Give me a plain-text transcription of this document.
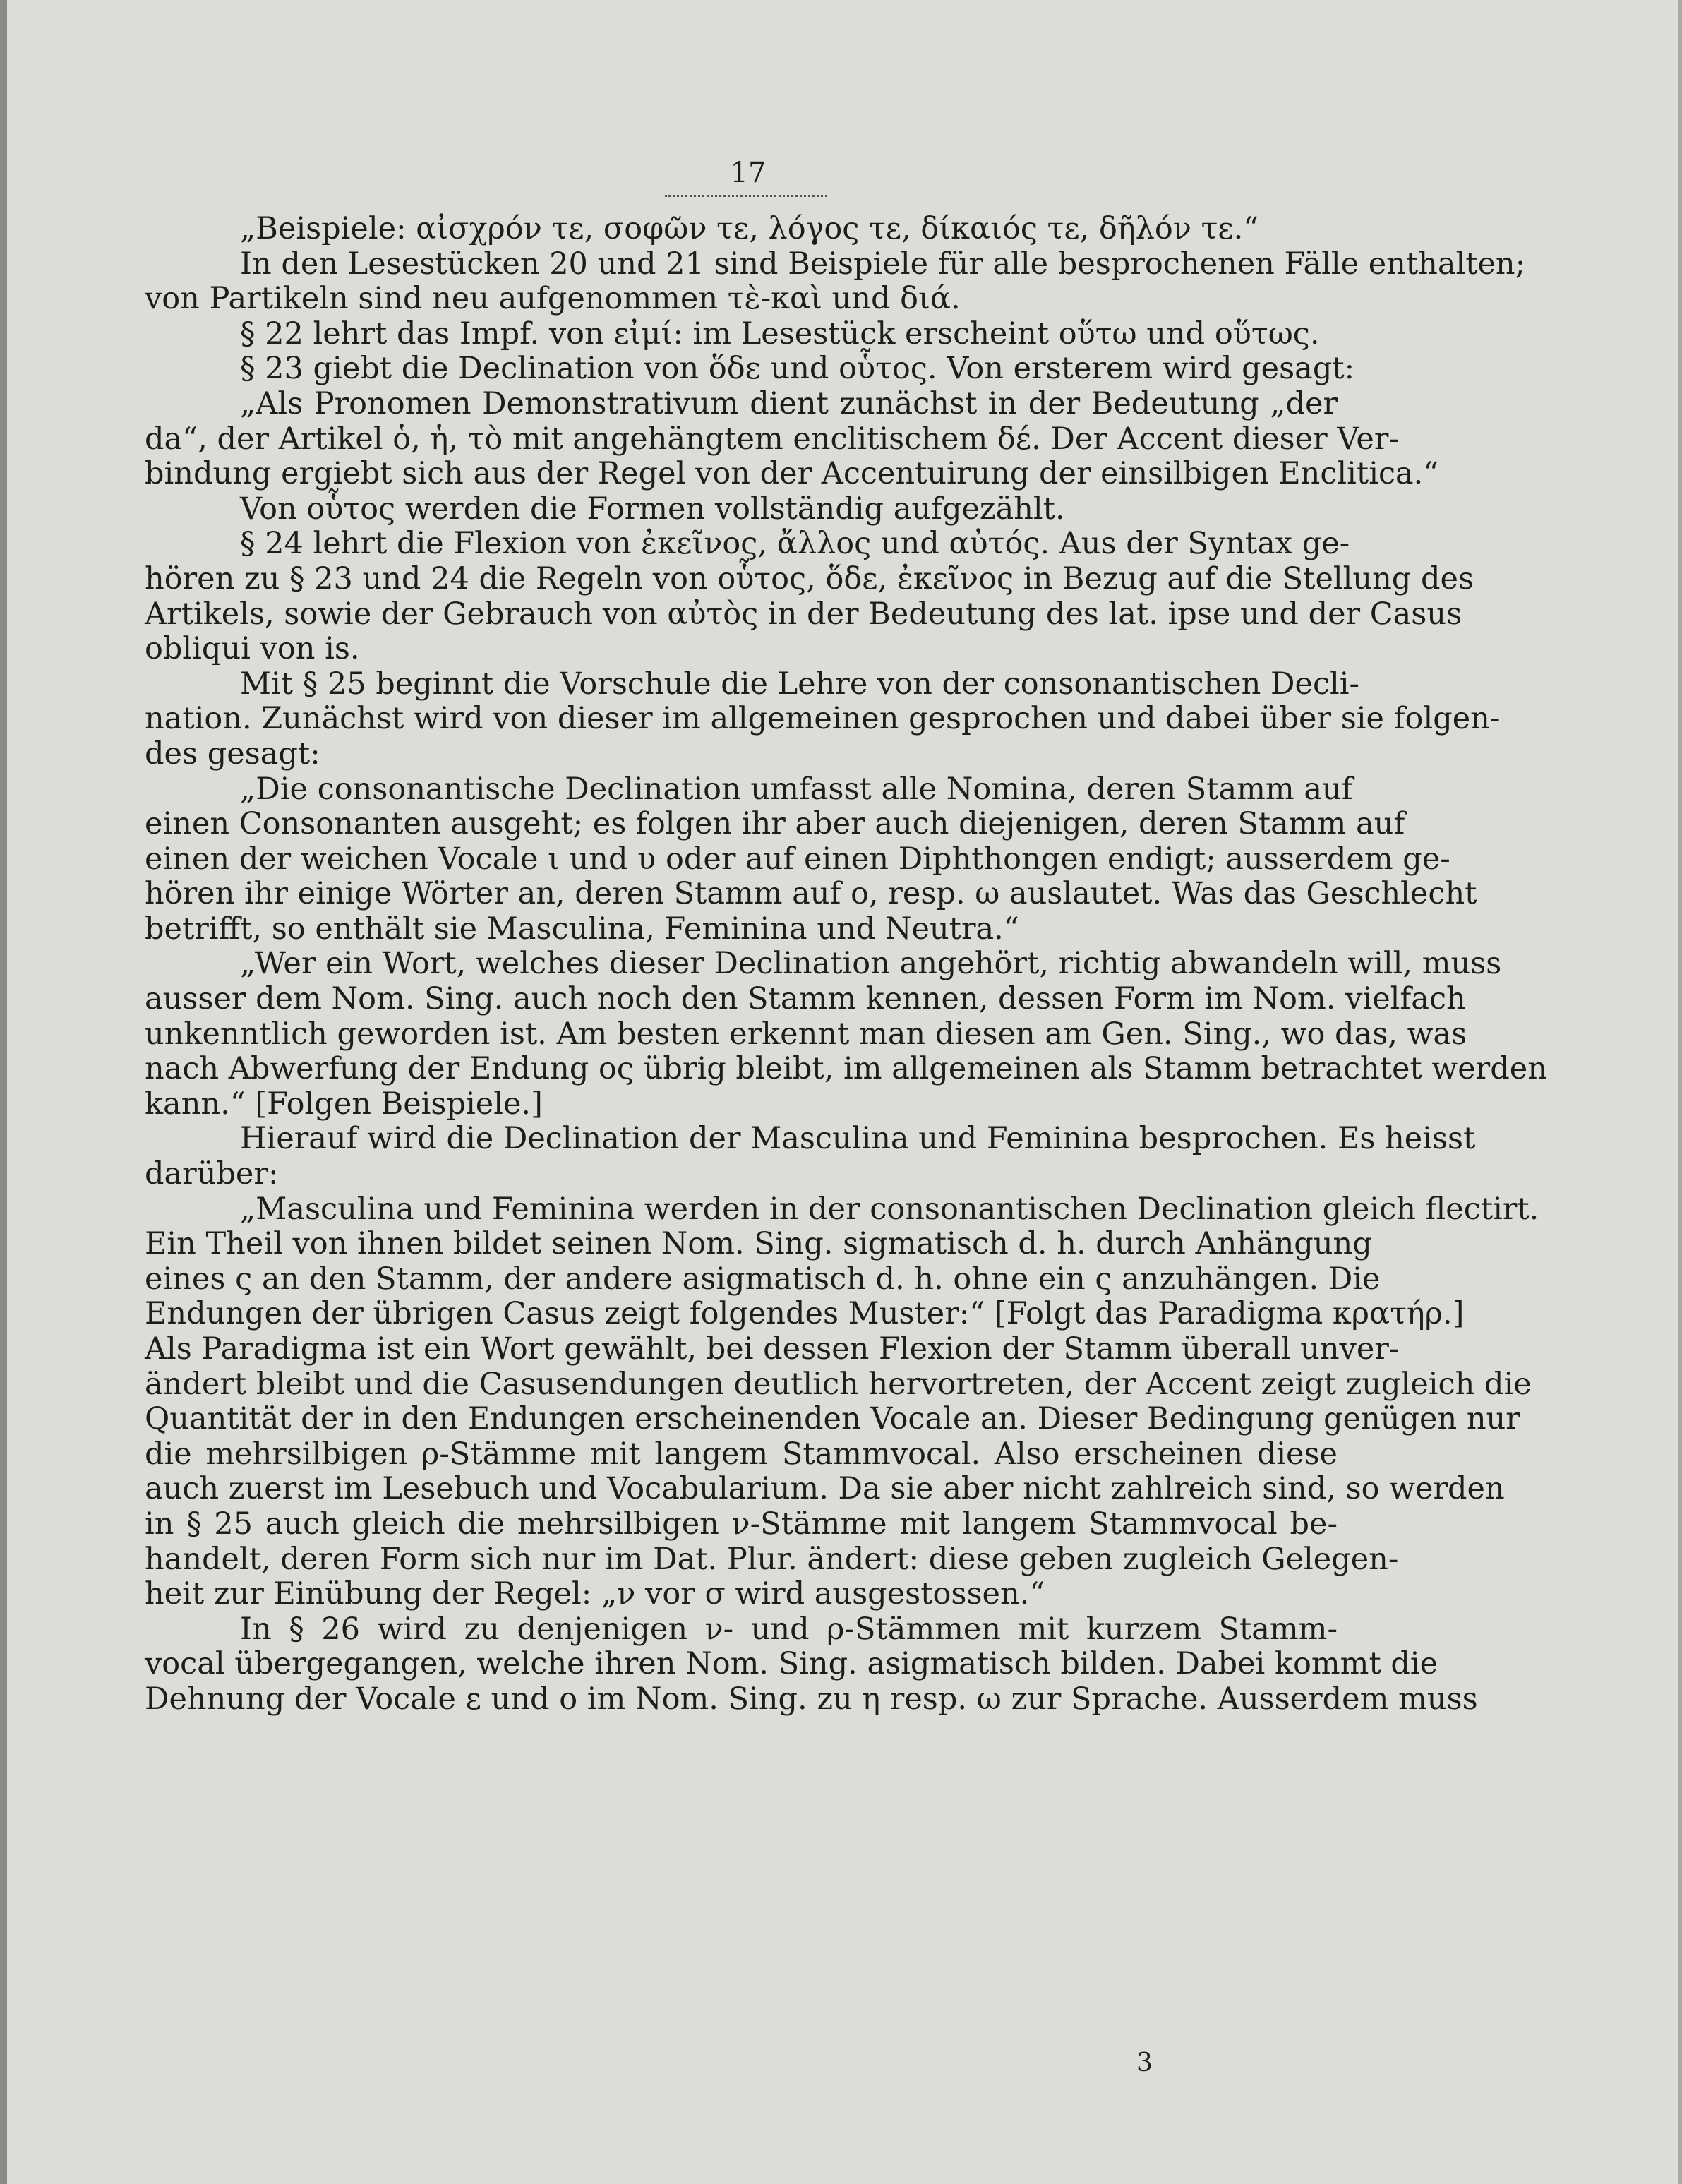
17
„Beispiele: αἰσχρόν τε, σοφῶν τε, λόγος τε, δίκαιός τε, δῆλόν τε.“
In den Lesestücken 20 und 21 sind Beispiele für alle besprochenen Fälle enthalten;
von Partikeln sind neu aufgenommen τὲ-καὶ und διά.
§ 22 lehrt das Impf. von εἰμί: im Lesestück erscheint οὕτω und οὕτως.
§ 23 giebt die Declination von ὅδε und οὗτος. Von ersterem wird gesagt:
„Als Pronomen Demonstrativum dient zunächst in der Bedeutung „der
da“, der Artikel ὁ, ἡ, τὸ mit angehängtem enclitischem δέ. Der Accent dieser Ver-
bindung ergiebt sich aus der Regel von der Accentuirung der einsilbigen Enclitica.“
Von οὗτος werden die Formen vollständig aufgezählt.
§ 24 lehrt die Flexion von ἐκεῖνος, ἄλλος und αὐτός. Aus der Syntax ge-
hören zu § 23 und 24 die Regeln von οὗτος, ὅδε, ἐκεῖνος in Bezug auf die Stellung des
Artikels, sowie der Gebrauch von αὐτὸς in der Bedeutung des lat. ipse und der Casus
obliqui von is.
Mit § 25 beginnt die Vorschule die Lehre von der consonantischen Decli-
nation. Zunächst wird von dieser im allgemeinen gesprochen und dabei über sie folgen-
des gesagt:
„Die consonantische Declination umfasst alle Nomina, deren Stamm auf
einen Consonanten ausgeht; es folgen ihr aber auch diejenigen, deren Stamm auf
einen der weichen Vocale ι und υ oder auf einen Diphthongen endigt; ausserdem ge-
hören ihr einige Wörter an, deren Stamm auf ο, resp. ω auslautet. Was das Geschlecht
betrifft, so enthält sie Masculina, Feminina und Neutra.“
„Wer ein Wort, welches dieser Declination angehört, richtig abwandeln will, muss
ausser dem Nom. Sing. auch noch den Stamm kennen, dessen Form im Nom. vielfach
unkenntlich geworden ist. Am besten erkennt man diesen am Gen. Sing., wo das, was
nach Abwerfung der Endung ος übrig bleibt, im allgemeinen als Stamm betrachtet werden
kann.“ [Folgen Beispiele.]
Hierauf wird die Declination der Masculina und Feminina besprochen. Es heisst
darüber:
„Masculina und Feminina werden in der consonantischen Declination gleich flectirt.
Ein Theil von ihnen bildet seinen Nom. Sing. sigmatisch d. h. durch Anhängung
eines ς an den Stamm, der andere asigmatisch d. h. ohne ein ς anzuhängen. Die
Endungen der übrigen Casus zeigt folgendes Muster:“ [Folgt das Paradigma κρατήρ.]
Als Paradigma ist ein Wort gewählt, bei dessen Flexion der Stamm überall unver-
ändert bleibt und die Casusendungen deutlich hervortreten, der Accent zeigt zugleich die
Quantität der in den Endungen erscheinenden Vocale an. Dieser Bedingung genügen nur
die mehrsilbigen ρ-Stämme mit langem Stammvocal. Also erscheinen diese
auch zuerst im Lesebuch und Vocabularium. Da sie aber nicht zahlreich sind, so werden
in § 25 auch gleich die mehrsilbigen ν-Stämme mit langem Stammvocal be-
handelt, deren Form sich nur im Dat. Plur. ändert: diese geben zugleich Gelegen-
heit zur Einübung der Regel: „ν vor σ wird ausgestossen.“
In § 26 wird zu denjenigen ν- und ρ-Stämmen mit kurzem Stamm-
vocal übergegangen, welche ihren Nom. Sing. asigmatisch bilden. Dabei kommt die
Dehnung der Vocale ε und ο im Nom. Sing. zu η resp. ω zur Sprache. Ausserdem muss
3
